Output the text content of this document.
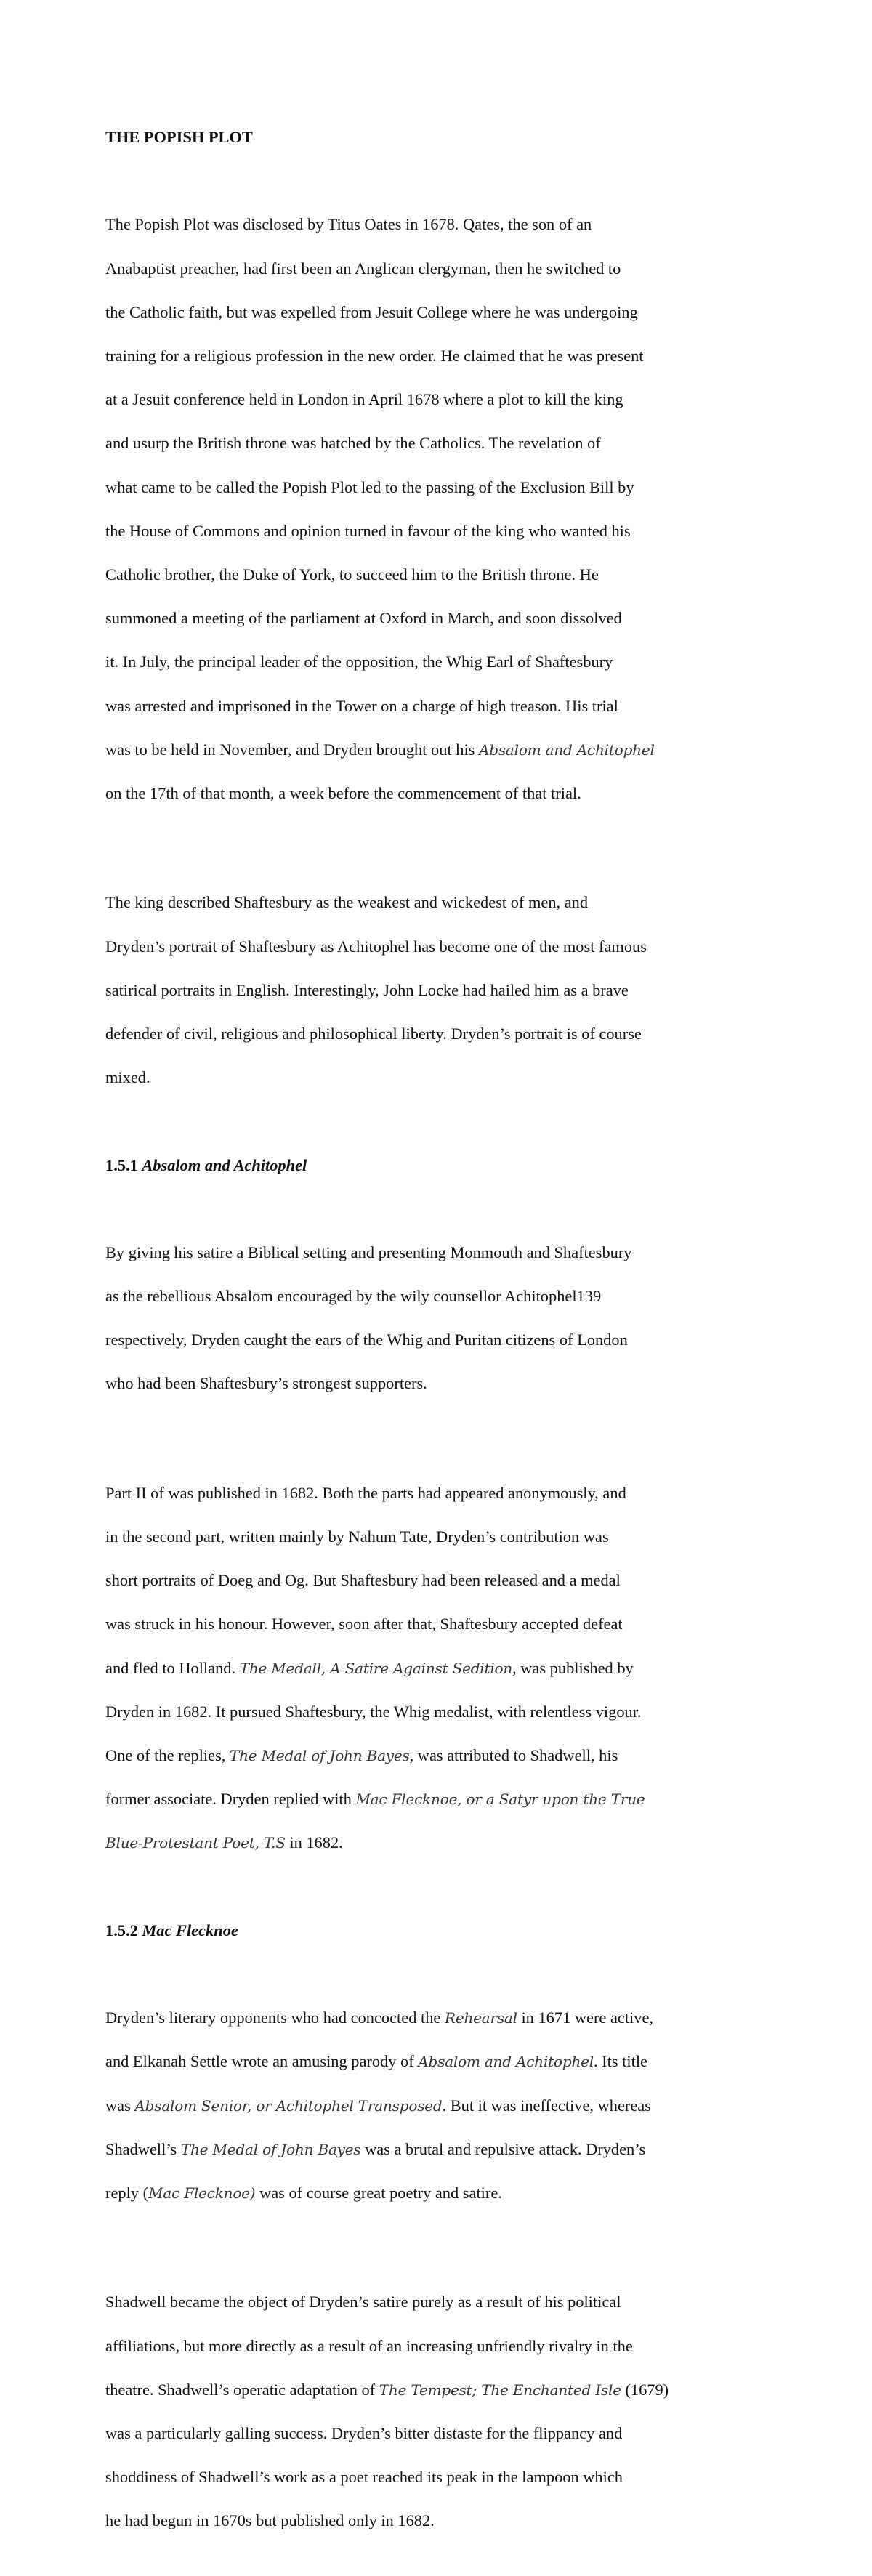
THE POPISH PLOT

The Popish Plot was disclosed by Titus Oates in 1678. Qates, the son of an

Anabaptist preacher, had first been an Anglican clergyman, then he switched to

the Catholic faith, but was expelled from Jesuit College where he was undergoing

training for a religious profession in the new order. He claimed that he was present

at a Jesuit conference held in London in April 1678 where a plot to kill the king

and usurp the British throne was hatched by the Catholics. The revelation of

what came to be called the Popish Plot led to the passing of the Exclusion Bill by

the House of Commons and opinion turned in favour of the king who wanted his

Catholic brother, the Duke of York, to succeed him to the British throne. He

summoned a meeting of the parliament at Oxford in March, and soon dissolved

it. In July, the principal leader of the opposition, the Whig Earl of Shaftesbury

was arrested and imprisoned in the Tower on a charge of high treason. His trial

was to be held in November, and Dryden brought out his Absalom and Achitophel

on the 17th of that month, a week before the commencement of that trial.

The king described Shaftesbury as the weakest and wickedest of men, and

Dryden’s portrait of Shaftesbury as Achitophel has become one of the most famous

satirical portraits in English. Interestingly, John Locke had hailed him as a brave

defender of civil, religious and philosophical liberty. Dryden’s portrait is of course

mixed.

1.5.1 Absalom and Achitophel

By giving his satire a Biblical setting and presenting Monmouth and Shaftesbury

as the rebellious Absalom encouraged by the wily counsellor Achitophel139

respectively, Dryden caught the ears of the Whig and Puritan citizens of London

who had been Shaftesbury’s strongest supporters.

Part II of was published in 1682. Both the parts had appeared anonymously, and

in the second part, written mainly by Nahum Tate, Dryden’s contribution was

short portraits of Doeg and Og. But Shaftesbury had been released and a medal

was struck in his honour. However, soon after that, Shaftesbury accepted defeat

and fled to Holland. The Medall, A Satire Against Sedition, was published by

Dryden in 1682. It pursued Shaftesbury, the Whig medalist, with relentless vigour.

One of the replies, The Medal of John Bayes, was attributed to Shadwell, his

former associate. Dryden replied with Mac Flecknoe, or a Satyr upon the True

Blue-Protestant Poet, T.S in 1682.

1.5.2 Mac Flecknoe

Dryden’s literary opponents who had concocted the Rehearsal in 1671 were active,

and Elkanah Settle wrote an amusing parody of Absalom and Achitophel. Its title

was Absalom Senior, or Achitophel Transposed. But it was ineffective, whereas

Shadwell’s The Medal of John Bayes was a brutal and repulsive attack. Dryden’s

reply (Mac Flecknoe) was of course great poetry and satire.

Shadwell became the object of Dryden’s satire purely as a result of his political

affiliations, but more directly as a result of an increasing unfriendly rivalry in the

theatre. Shadwell’s operatic adaptation of The Tempest; The Enchanted Isle (1679)

was a particularly galling success. Dryden’s bitter distaste for the flippancy and

shoddiness of Shadwell’s work as a poet reached its peak in the lampoon which

he had begun in 1670s but published only in 1682.
